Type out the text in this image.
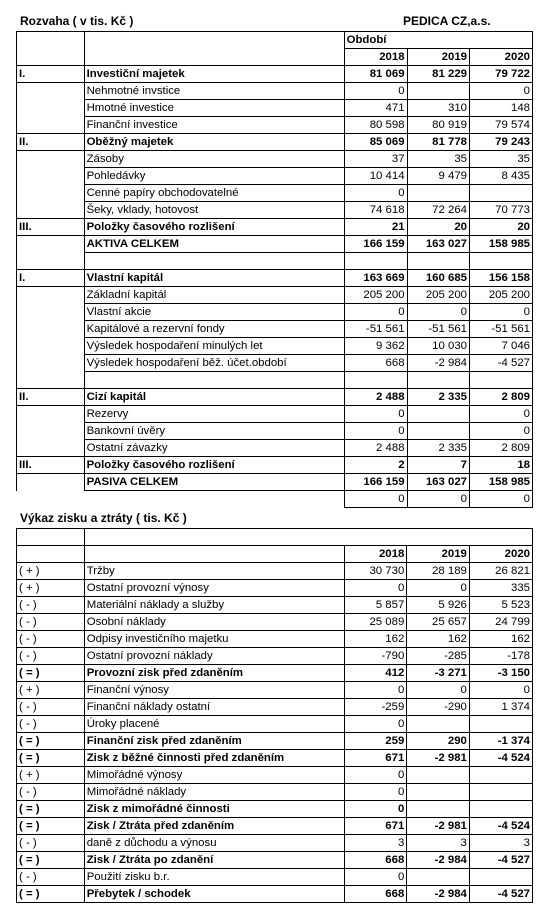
Rozvaha ( v tis. Kč )	PEDICA CZ,a.s.
		Období		
		2018	2019	2020
I.	Investiční majetek	81 069	81 229	79 722
	Nehmotné invstice	0		0
	Hmotné investice	471	310	148
	Finanční investice	80 598	80 919	79 574
II.	Oběžný majetek	85 069	81 778	79 243
	Zásoby	37	35	35
	Pohledávky	10 414	9 479	8 435
	Cenné papíry obchodovatelné	0		
	Šeky, vklady, hotovost	74 618	72 264	70 773
III.	Položky časového rozlišení	21	20	20
	AKTIVA CELKEM	166 159	163 027	158 985

I.	Vlastní kapitál	163 669	160 685	156 158
	Základní kapitál	205 200	205 200	205 200
	Vlastní akcie	0	0	0
	Kapitálové a rezervní fondy	-51 561	-51 561	-51 561
	Výsledek hospodaření minulých let	9 362	10 030	7 046
	Výsledek hospodaření běž. účet.období	668	-2 984	-4 527

II.	Cizí kapitál	2 488	2 335	2 809
	Rezervy	0		0
	Bankovní úvěry	0		0
	Ostatní závazky	2 488	2 335	2 809
III.	Položky časového rozlišení	2	7	18
	PASIVA CELKEM	166 159	163 027	158 985
		0	0	0
Výkaz zisku a ztráty ( tis. Kč )

		2018	2019	2020
( + )	Tržby	30 730	28 189	26 821
( + )	Ostatní provozní výnosy	0	0	335
( - )	Materiální náklady a služby	5 857	5 926	5 523
( - )	Osobní náklady	25 089	25 657	24 799
( - )	Odpisy investičního majetku	162	162	162
( - )	Ostatní provozní náklady	-790	-285	-178
( = )	Provozní zisk před zdaněním	412	-3 271	-3 150
( + )	Finanční výnosy	0	0	0
( - )	Finanční náklady ostatní	-259	-290	1 374
( - )	Úroky placené	0		
( = )	Finanční zisk před zdaněním	259	290	-1 374
( = )	Zisk z běžné činnosti před zdaněním	671	-2 981	-4 524
( + )	Mimořádné výnosy	0		
( - )	Mimořádné náklady	0		
( = )	Zisk z mimořádné činnosti	0		
( = )	Zisk / Ztráta před zdaněním	671	-2 981	-4 524
( - )	daně z důchodu a výnosu	3	3	3
( = )	Zisk / Ztráta po zdanění	668	-2 984	-4 527
( - )	Použití zisku b.r.	0		
( = )	Přebytek / schodek	668	-2 984	-4 527
